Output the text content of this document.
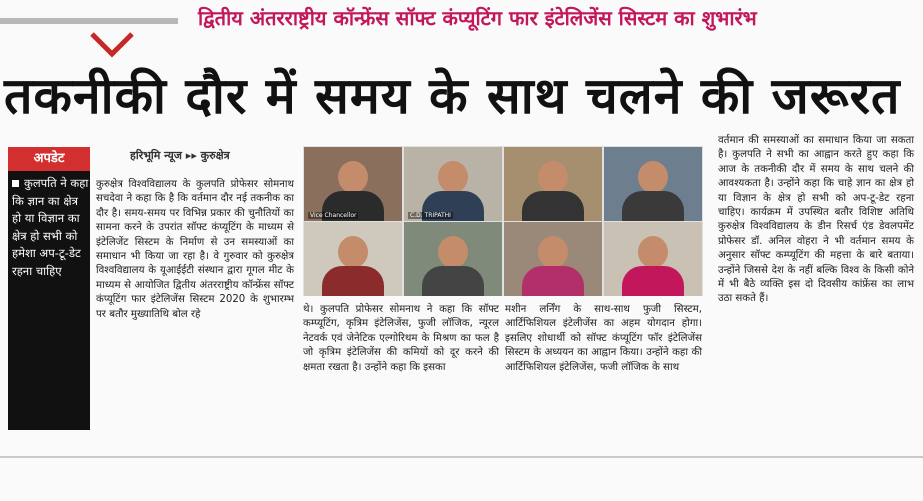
द्वितीय अंतरराष्ट्रीय कॉन्फ्रेंस सॉफ्ट कंप्यूटिंग फार इंटेलिजेंस सिस्टम का शुभारंभ
तकनीकी दौर में समय के साथ चलने की जरूरत
अपडेट
कुलपति ने कहा कि ज्ञान का क्षेत्र हो या विज्ञान का क्षेत्र हो सभी को हमेशा अप-टू-डेट रहना चाहिए
हरिभूमि न्यूज ▸▸ कुरुक्षेत्र
कुरुक्षेत्र विश्वविद्यालय के कुलपति प्रोफेसर सोमनाथ सचदेवा ने कहा कि है कि वर्तमान दौर नई तकनीक का दौर है। समय-समय पर विभिन्न प्रकार की चुनौतियों का सामना करने के उपरांत सॉफ्ट कंप्यूटिंग के माध्यम से इंटेलिजेंट सिस्टम के निर्माण से उन समस्याओं का समाधान भी किया जा रहा है। वे गुरुवार को कुरुक्षेत्र विश्वविद्यालय के यूआईईटी संस्थान द्वारा गूगल मीट के माध्यम से आयोजित द्वितीय अंतरराष्ट्रीय कॉन्फ्रेंस सॉफ्ट कंप्यूटिंग फार इंटेलिजेंस सिस्टम 2020 के शुभारम्भ पर बतौर मुख्यातिथि बोल रहे	थे। कुलपति प्रोफेसर सोमनाथ ने कहा कि सॉफ्ट कम्प्यूटिंग, कृत्रिम इंटेलिजेंस, फुजी लॉजिक, न्यूरल नेटवर्क एवं जेनेटिक एल्गोरिथम के मिश्रण का फल है जो कृत्रिम इंटेलिजेंस की कमियों को दूर करने की क्षमता रखता है। उन्होंने कहा कि इसका
मशीन लर्निंग के साथ-साथ फुजी सिस्टम, आर्टिफिशियल इंटेलीजेंस का अहम योगदान होगा। इसलिए शोधार्थी को सॉफ्ट कंप्यूटिंग फॉर इंटेलिजेंस सिस्टम के अध्ययन का आह्वान किया। उन्होंने कहा की आर्टिफिशियल इंटेलिजेंस, फजी लॉजिक के साथ
वर्तमान की समस्याओं का समाधान किया जा सकता है। कुलपति ने सभी का आह्वान करते हुए कहा कि आज के तकनीकी दौर में समय के साथ चलने की आवश्यकता है। उन्होंने कहा कि चाहे ज्ञान का क्षेत्र हो या विज्ञान के क्षेत्र हो सभी को अप-टू-डेट रहना चाहिए। कार्यक्रम में उपस्थित बतौर विशिष्ट अतिथि कुरुक्षेत्र विश्वविद्यालय के डीन रिसर्च एंड डेवलपमेंट प्रोफेसर डॉ. अनिल वोहरा ने भी वर्तमान समय के अनुसार सॉफ्ट कम्प्यूटिंग की महत्ता के बारे बताया। उन्होंने जिससे देश के नहीं बल्कि विश्व के किसी कोने में भी बैठे व्यक्ति इस दो दिवसीय कांफ्रेंस का लाभ उठा सकते हैं।
Vice Chancellor	C.D. TRIPATHI
